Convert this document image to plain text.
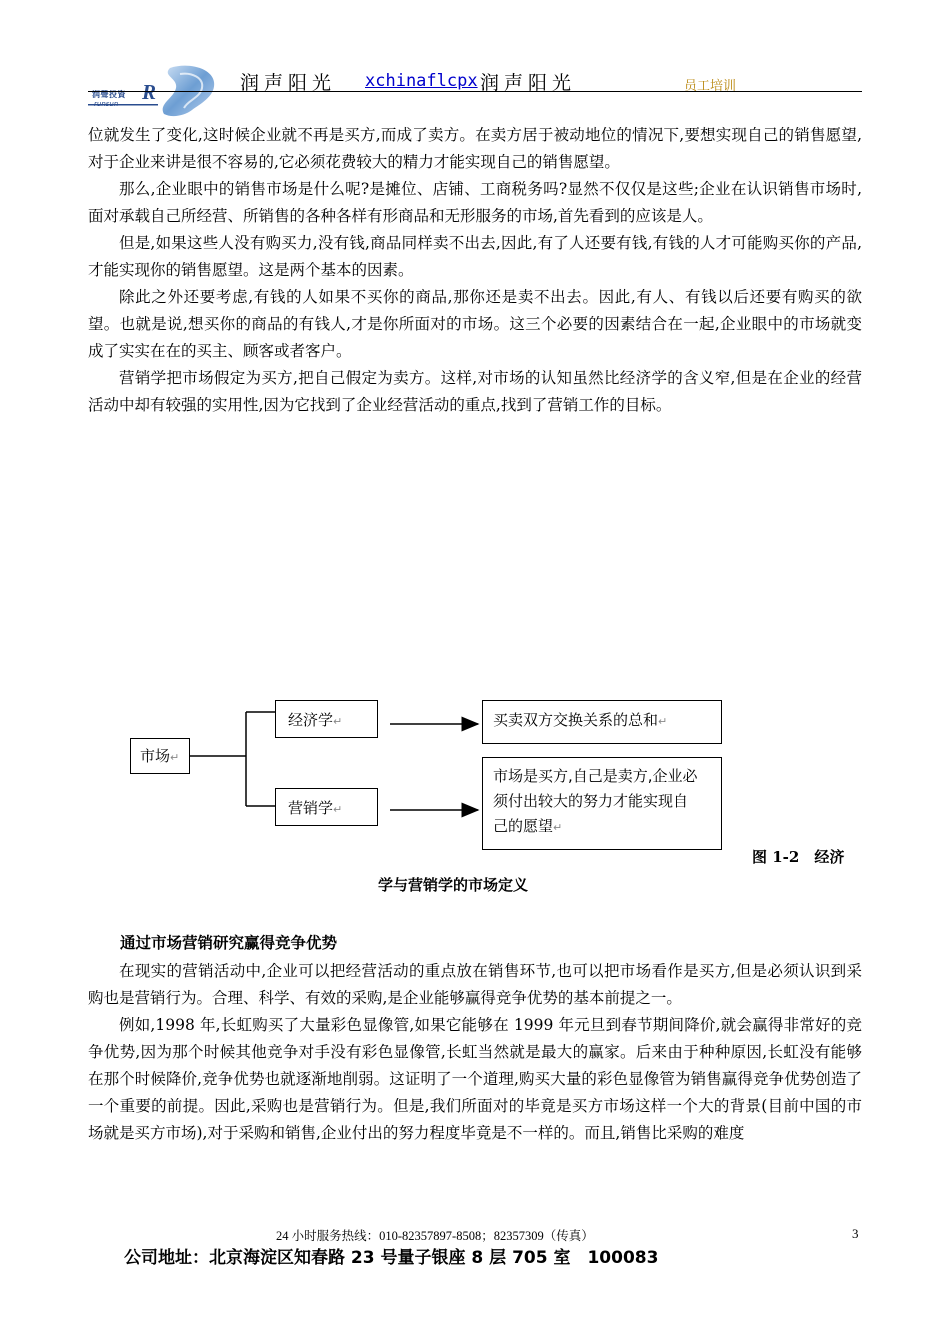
润聲投資 R
runsun
润声阳光 xchinaflcpx 润声阳光	员工培训

位就发生了变化,这时候企业就不再是买方,而成了卖方。在卖方居于被动地位的情况下,要想实现自己的销售愿望,对于企业来讲是很不容易的,它必须花费较大的精力才能实现自己的销售愿望。

那么,企业眼中的销售市场是什么呢?是摊位、店铺、工商税务吗?显然不仅仅是这些;企业在认识销售市场时,面对承载自己所经营、所销售的各种各样有形商品和无形服务的市场,首先看到的应该是人。

但是,如果这些人没有购买力,没有钱,商品同样卖不出去,因此,有了人还要有钱,有钱的人才可能购买你的产品,才能实现你的销售愿望。这是两个基本的因素。

除此之外还要考虑,有钱的人如果不买你的商品,那你还是卖不出去。因此,有人、有钱以后还要有购买的欲望。也就是说,想买你的商品的有钱人,才是你所面对的市场。这三个必要的因素结合在一起,企业眼中的市场就变成了实实在在的买主、顾客或者客户。

营销学把市场假定为买方,把自己假定为卖方。这样,对市场的认知虽然比经济学的含义窄,但是在企业的经营活动中却有较强的实用性,因为它找到了企业经营活动的重点,找到了营销工作的目标。

市场↵
经济学↵
营销学↵
买卖双方交换关系的总和↵
市场是买方,自己是卖方,企业必
须付出较大的努力才能实现自
己的愿望↵
图 1-2　经济
学与营销学的市场定义
通过市场营销研究赢得竞争优势

在现实的营销活动中,企业可以把经营活动的重点放在销售环节,也可以把市场看作是买方,但是必须认识到采购也是营销行为。合理、科学、有效的采购,是企业能够赢得竞争优势的基本前提之一。

例如,1998 年,长虹购买了大量彩色显像管,如果它能够在 1999 年元旦到春节期间降价,就会赢得非常好的竞争优势,因为那个时候其他竞争对手没有彩色显像管,长虹当然就是最大的赢家。后来由于种种原因,长虹没有能够在那个时候降价,竞争优势也就逐渐地削弱。这证明了一个道理,购买大量的彩色显像管为销售赢得竞争优势创造了一个重要的前提。因此,采购也是营销行为。但是,我们所面对的毕竟是买方市场这样一个大的背景(目前中国的市场就是买方市场),对于采购和销售,企业付出的努力程度毕竟是不一样的。而且,销售比采购的难度

24 小时服务热线：010-82357897-8508；82357309（传真）	3
公司地址：北京海淀区知春路 23 号量子银座 8 层 705 室　100083
